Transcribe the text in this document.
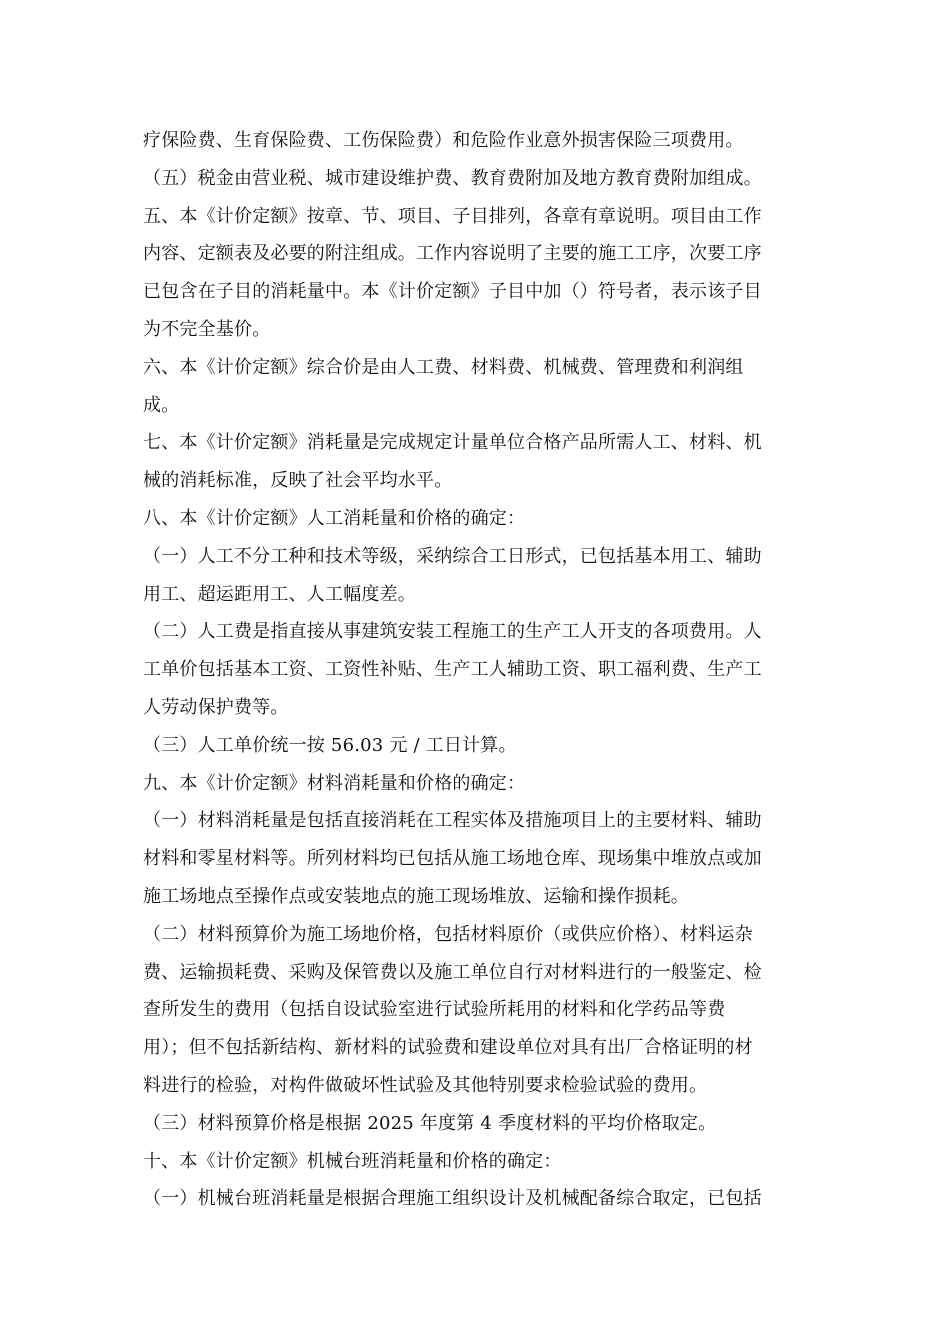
疗保险费、生育保险费、工伤保险费）和危险作业意外损害保险三项费用。
（五）税金由营业税、城市建设维护费、教育费附加及地方教育费附加组成。
五、本《计价定额》按章、节、项目、子目排列，各章有章说明。项目由工作
内容、定额表及必要的附注组成。工作内容说明了主要的施工工序，次要工序
已包含在子目的消耗量中。本《计价定额》子目中加（）符号者，表示该子目
为不完全基价。
六、本《计价定额》综合价是由人工费、材料费、机械费、管理费和利润组
成。
七、本《计价定额》消耗量是完成规定计量单位合格产品所需人工、材料、机
械的消耗标准，反映了社会平均水平。
八、本《计价定额》人工消耗量和价格的确定：
（一）人工不分工种和技术等级，采纳综合工日形式，已包括基本用工、辅助
用工、超运距用工、人工幅度差。
（二）人工费是指直接从事建筑安装工程施工的生产工人开支的各项费用。人
工单价包括基本工资、工资性补贴、生产工人辅助工资、职工福利费、生产工
人劳动保护费等。
（三）人工单价统一按 56.03 元 / 工日计算。
九、本《计价定额》材料消耗量和价格的确定：
（一）材料消耗量是包括直接消耗在工程实体及措施项目上的主要材料、辅助
材料和零星材料等。所列材料均已包括从施工场地仓库、现场集中堆放点或加
施工场地点至操作点或安装地点的施工现场堆放、运输和操作损耗。
（二）材料预算价为施工场地价格，包括材料原价（或供应价格）、材料运杂
费、运输损耗费、采购及保管费以及施工单位自行对材料进行的一般鉴定、检
查所发生的费用（包括自设试验室进行试验所耗用的材料和化学药品等费
用）；但不包括新结构、新材料的试验费和建设单位对具有出厂合格证明的材
料进行的检验，对构件做破坏性试验及其他特别要求检验试验的费用。
（三）材料预算价格是根据 2025 年度第 4 季度材料的平均价格取定。
十、本《计价定额》机械台班消耗量和价格的确定：
（一）机械台班消耗量是根据合理施工组织设计及机械配备综合取定，已包括
